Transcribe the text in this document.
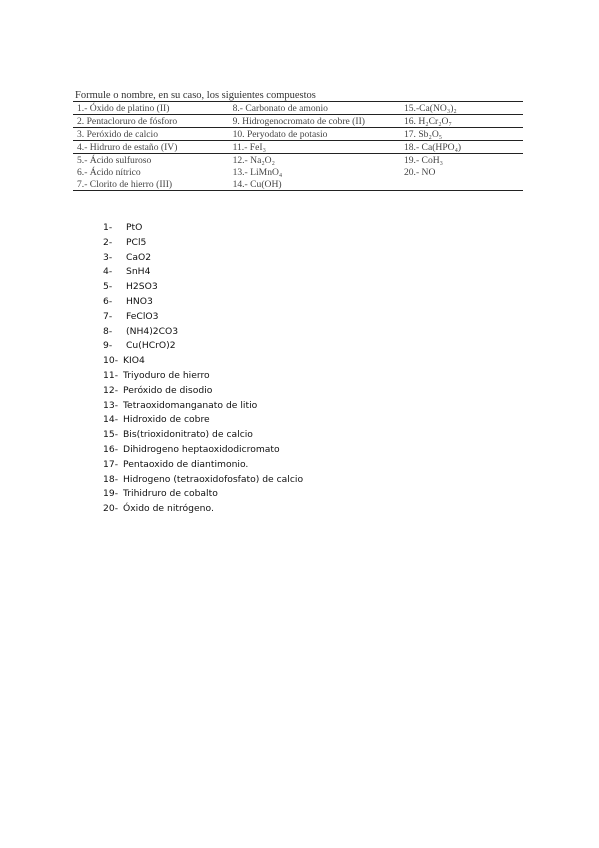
Formule o nombre, en su caso, los siguientes compuestos
1.- Óxido de platino (II)	8.- Carbonato de amonio	15.-Ca(NO₃)₂
2. Pentacloruro de fósforo	9. Hidrogenocromato de cobre (II)	16. H₂Cr₂O₇
3. Peróxido de calcio	10. Peryodato de potasio	17. Sb₂O₅
4.- Hidruro de estaño (IV)	11.- FeI₃	18.- Ca(HPO₄)
5.- Ácido sulfuroso	12.- Na₂O₂	19.- CoH₃
6.- Ácido nítrico	13.- LiMnO₄	20.- NO
7.- Clorito de hierro (III)	14.- Cu(OH)	
1- PtO
2- PCl5
3- CaO2
4- SnH4
5- H2SO3
6- HNO3
7- FeClO3
8- (NH4)2CO3
9- Cu(HCrO)2
10- KIO4
11- Triyoduro de hierro
12- Peróxido de disodio
13- Tetraoxidomanganato de litio
14- Hidroxido de cobre
15- Bis(trioxidonitrato) de calcio
16- Dihidrogeno heptaoxidodicromato
17- Pentaoxido de diantimonio.
18- Hidrogeno (tetraoxidofosfato) de calcio
19- Trihidruro de cobalto
20- Óxido de nitrógeno.
